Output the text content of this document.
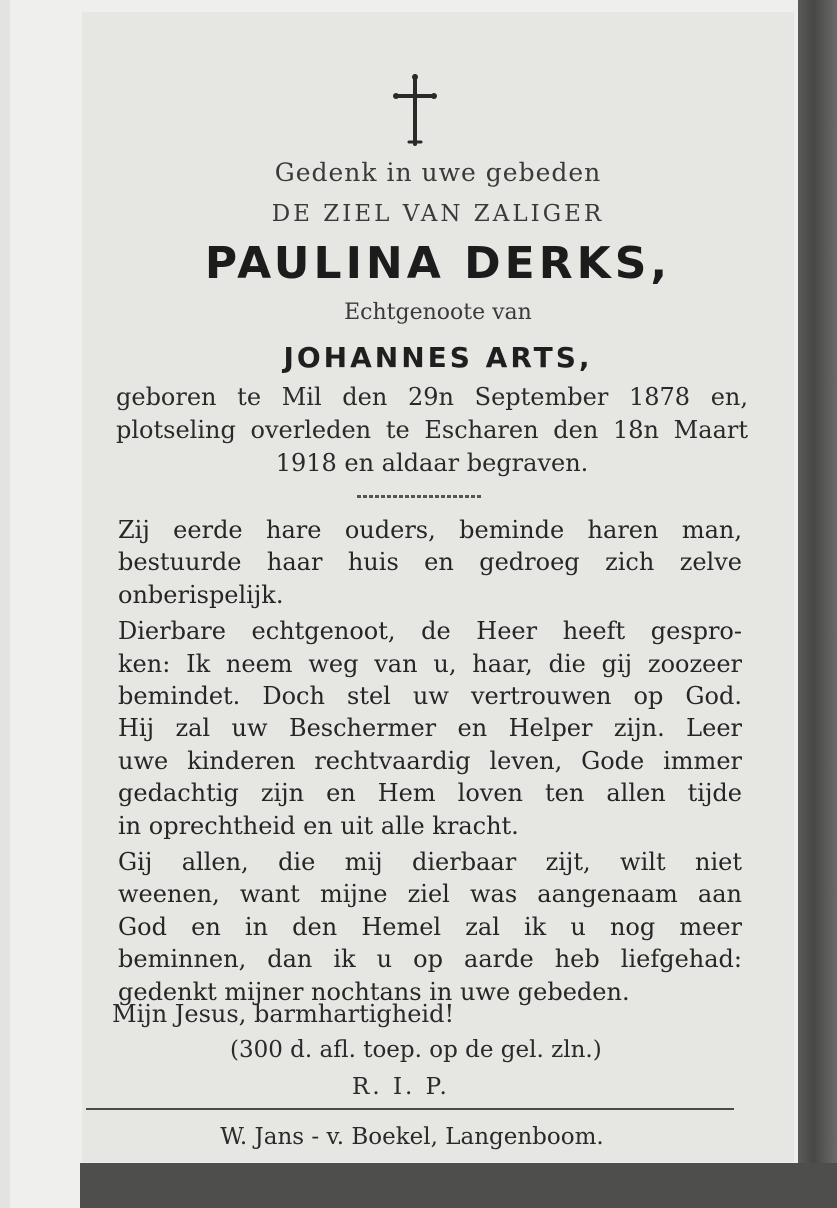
Gedenk in uwe gebeden
DE ZIEL VAN ZALIGER
PAULINA DERKS,
Echtgenoote van
JOHANNES ARTS,
geboren te Mil den 29n September 1878 en,
plotseling overleden te Escharen den 18n Maart
1918 en aldaar begraven.

Zij eerde hare ouders, beminde haren man,
bestuurde haar huis en gedroeg zich zelve
onberispelijk.

Dierbare echtgenoot, de Heer heeft gespro-
ken: Ik neem weg van u, haar, die gij zoozeer
bemindet. Doch stel uw vertrouwen op God.
Hij zal uw Beschermer en Helper zijn. Leer
uwe kinderen rechtvaardig leven, Gode immer
gedachtig zijn en Hem loven ten allen tijde
in oprechtheid en uit alle kracht.

Gij allen, die mij dierbaar zijt, wilt niet
weenen, want mijne ziel was aangenaam aan
God en in den Hemel zal ik u nog meer
beminnen, dan ik u op aarde heb liefgehad:
gedenkt mijner nochtans in uwe gebeden.

Mijn Jesus, barmhartigheid!
(300 d. afl. toep. op de gel. zln.)
R. I. P.
W. Jans - v. Boekel, Langenboom.
